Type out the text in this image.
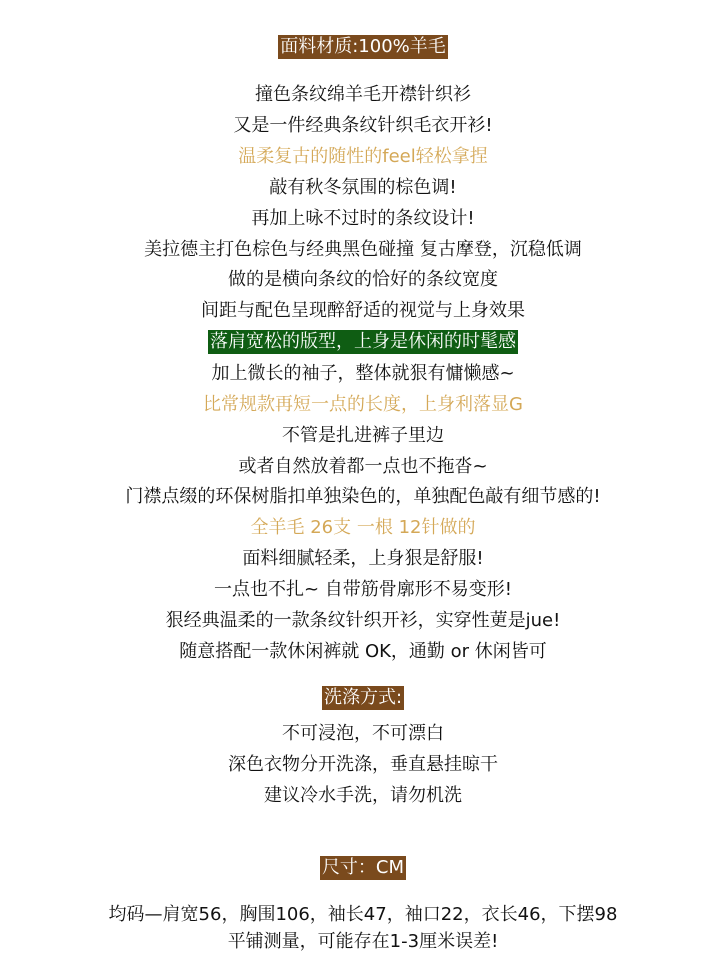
面料材质:100%羊毛
撞色条纹绵羊毛开襟针织衫
又是一件经典条纹针织毛衣开衫!
温柔复古的随性的feel轻松拿捏
敲有秋冬氛围的棕色调!
再加上咏不过时的条纹设计!
美拉德主打色棕色与经典黑色碰撞 复古摩登，沉稳低调
做的是横向条纹的恰好的条纹宽度
间距与配色呈现醉舒适的视觉与上身效果
落肩宽松的版型，上身是休闲的时髦感
加上微长的袖子，整体就狠有慵懒感~
比常规款再短一点的长度，上身利落显G
不管是扎进裤子里边
或者自然放着都一点也不拖沓~
门襟点缀的环保树脂扣单独染色的，单独配色敲有细节感的!
全羊毛 26支 一根 12针做的
面料细腻轻柔，上身狠是舒服!
一点也不扎~ 自带筋骨廓形不易变形!
狠经典温柔的一款条纹针织开衫，实穿性莄是jue!
随意搭配一款休闲裤就 OK，通勤 or 休闲皆可
洗涤方式:
不可浸泡，不可漂白
深色衣物分开洗涤，垂直悬挂晾干
建议冷水手洗，请勿机洗
尺寸：CM
均码—肩宽56，胸围106，袖长47，袖口22，衣长46，下摆98
平铺测量，可能存在1-3厘米误差!
